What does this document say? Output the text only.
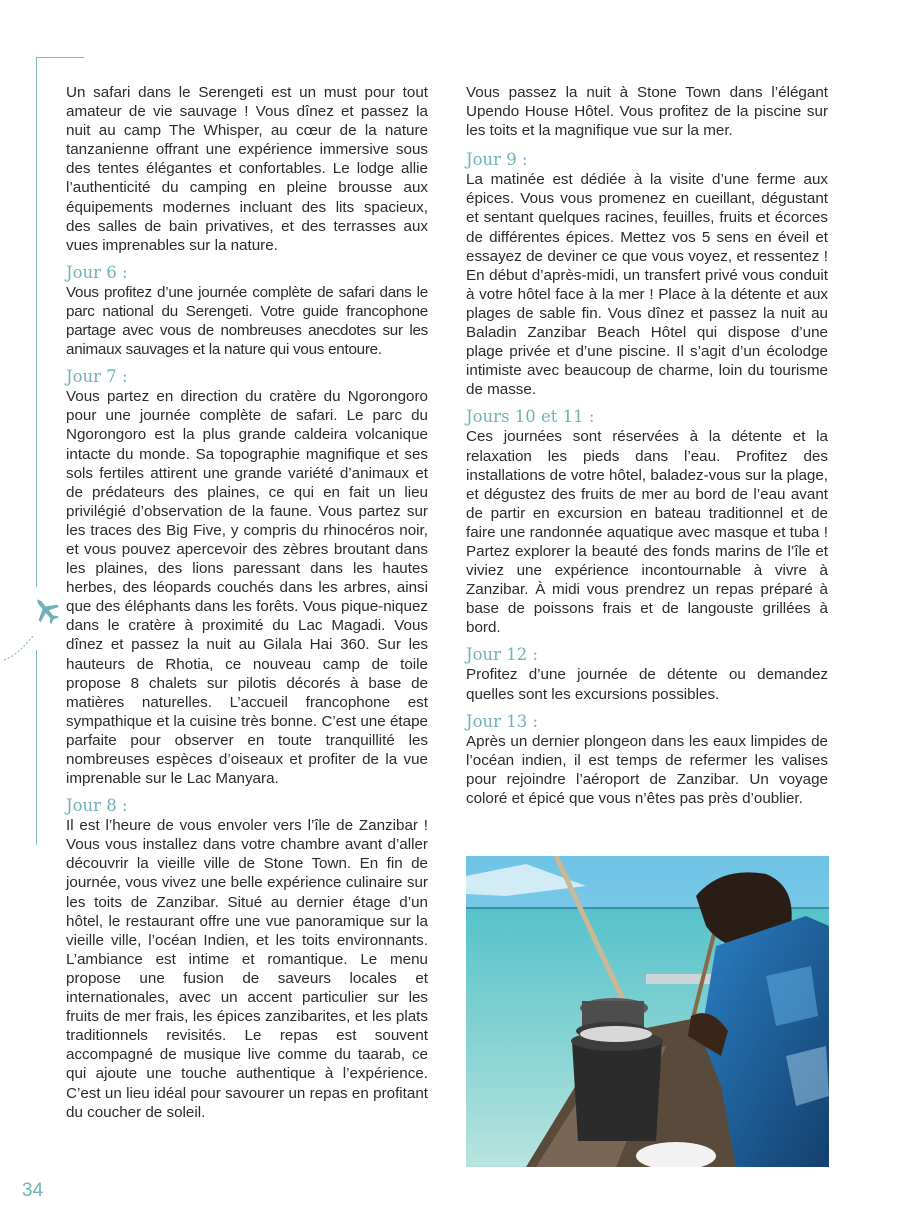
Un safari dans le Serengeti est un must pour tout amateur de vie sauvage ! Vous dînez et passez la nuit au camp The Whisper, au cœur de la nature tanzanienne offrant une expérience immersive sous des tentes élégantes et confortables. Le lodge allie l’authenticité du camping en pleine brousse aux équipements modernes incluant des lits spacieux, des salles de bain privatives, et des terrasses aux vues imprenables sur la nature.

Jour 6 :

Vous profitez d’une journée complète de safari dans le parc national du Serengeti. Votre guide francophone partage avec vous de nombreuses anecdotes sur les animaux sauvages et la nature qui vous entoure.

Jour 7 :

Vous partez en direction du cratère du Ngorongoro pour une journée complète de safari. Le parc du Ngorongoro est la plus grande caldeira volcanique intacte du monde. Sa topographie magnifique et ses sols fertiles attirent une grande variété d’animaux et de prédateurs des plaines, ce qui en fait un lieu privilégié d’observation de la faune. Vous partez sur les traces des Big Five, y compris du rhinocéros noir, et vous pouvez apercevoir des zèbres broutant dans les plaines, des lions paressant dans les hautes herbes, des léopards couchés dans les arbres, ainsi que des éléphants dans les forêts. Vous pique-niquez dans le cratère à proximité du Lac Magadi. Vous dînez et passez la nuit au Gilala Hai 360. Sur les hauteurs de Rhotia, ce nouveau camp de toile propose 8 chalets sur pilotis décorés à base de matières naturelles. L’accueil francophone est sympathique et la cuisine très bonne. C’est une étape parfaite pour observer en toute tranquillité les nombreuses espèces d’oiseaux et profiter de la vue imprenable sur le Lac Manyara.

Jour 8 :

Il est l’heure de vous envoler vers l’île de Zanzibar ! Vous vous installez dans votre chambre avant d’aller découvrir la vieille ville de Stone Town. En fin de journée, vous vivez une belle expérience culinaire sur les toits de Zanzibar. Situé au dernier étage d’un hôtel, le restaurant offre une vue panoramique sur la vieille ville, l’océan Indien, et les toits environnants. L’ambiance est intime et romantique. Le menu propose une fusion de saveurs locales et internationales, avec un accent particulier sur les fruits de mer frais, les épices zanzibarites, et les plats traditionnels revisités. Le repas est souvent accompagné de musique live comme du taarab, ce qui ajoute une touche authentique à l’expérience. C’est un lieu idéal pour savourer un repas en profitant du coucher de soleil.

Vous passez la nuit à Stone Town dans l’élégant Upendo House Hôtel. Vous profitez de la piscine sur les toits et la magnifique vue sur la mer.

Jour 9 :

La matinée est dédiée à la visite d’une ferme aux épices. Vous vous promenez en cueillant, dégustant et sentant quelques racines, feuilles, fruits et écorces de différentes épices. Mettez vos 5 sens en éveil et essayez de deviner ce que vous voyez, et ressentez ! En début d’après-midi, un transfert privé vous conduit à votre hôtel face à la mer ! Place à la détente et aux plages de sable fin. Vous dînez et passez la nuit au Baladin Zanzibar Beach Hôtel qui dispose d’une plage privée et d’une piscine. Il s’agit d’un écolodge intimiste avec beaucoup de charme, loin du tourisme de masse.

Jours 10 et 11 :

Ces journées sont réservées à la détente et la relaxation les pieds dans l’eau. Profitez des installations de votre hôtel, baladez-vous sur la plage, et dégustez des fruits de mer au bord de l’eau avant de partir en excursion en bateau traditionnel et de faire une randonnée aquatique avec masque et tuba ! Partez explorer la beauté des fonds marins de l’île et viviez une expérience incontournable à vivre à Zanzibar. À midi vous prendrez un repas préparé à base de poissons frais et de langouste grillées à bord.

Jour 12 :

Profitez d’une journée de détente ou demandez quelles sont les excursions possibles.

Jour 13 :

Après un dernier plongeon dans les eaux limpides de l’océan indien, il est temps de refermer les valises pour rejoindre l’aéroport de Zanzibar. Un voyage coloré et épicé que vous n’êtes pas près d’oublier.

34
